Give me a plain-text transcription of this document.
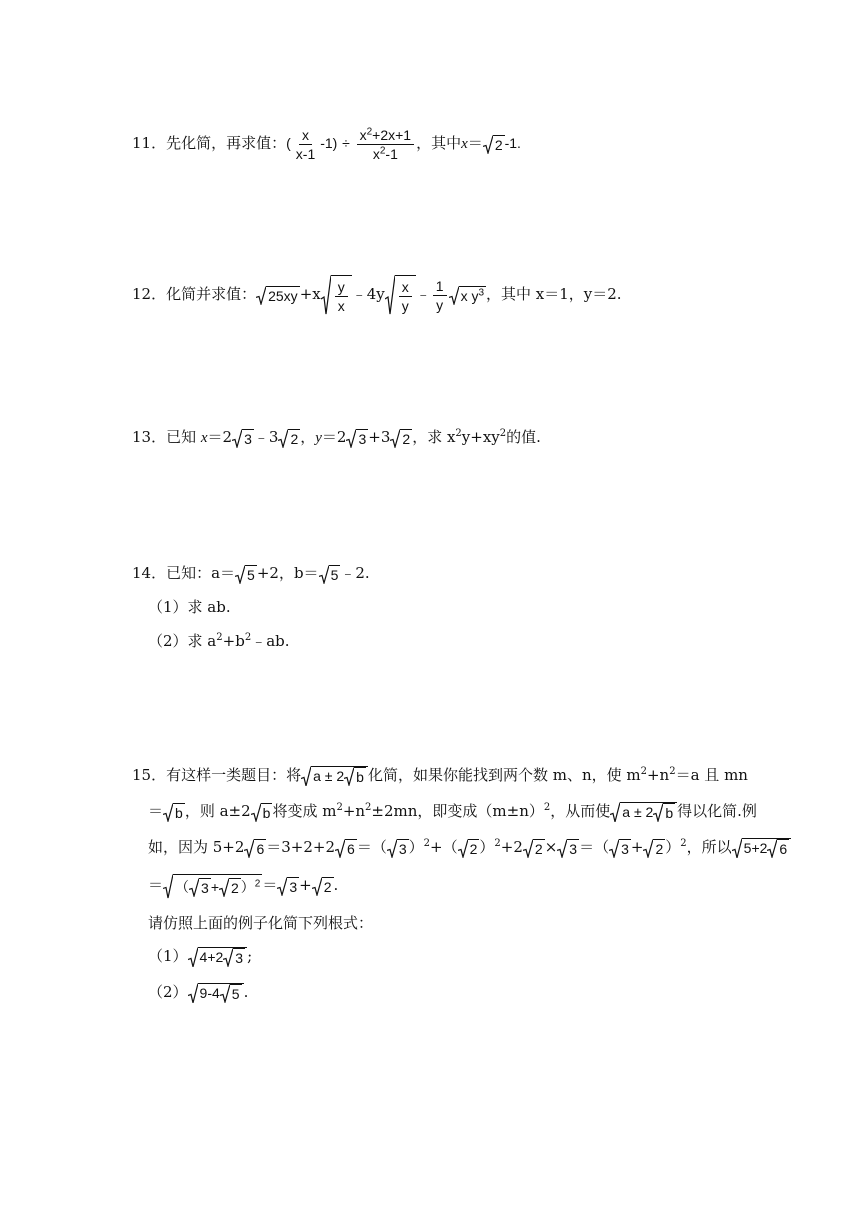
11．先化简，再求值：( $\frac{x}{x-1} -1) \div \frac{x^2+2x+1}{x^2-1}$ ，其中x＝ 2 -1.
12．化简并求值： $25xy +x \frac{y}{x}$ ﹣4y $\frac{x}{y}$ ﹣ $\frac{1}{y}$ x $y^3$ ，其中 x＝1，y＝2.
13．已知 x＝2 3 ﹣3 2 ，y＝2 3 +3 2 ，求 $x^2y+xy^2$的值.
14．已知：a＝ 5 +2，b＝ 5 ﹣2.
（1）求 ab.
（2）求 $a^2+b^2﹣ab$.
15．有这样一类题目：将 a ± 2 b 化简，如果你能找到两个数 m、n，使 $m^2+n^2=a$ 且 mn
＝ b ，则 a±2 b 将变成 $m^2+n^2\pm 2mn$，即变成$(m\pm n)^2$，从而使 a ± 2 b 得以化简.例
如，因为 5+2 6 ＝3+2+2 6 ＝（ 3 ）$^2$+（ 2 ）$^2$+2 2 × 3 ＝（ 3 + 2 ）$^2$，所以 5+2 6
＝ （ 3 + 2 ）$^2$ ＝ 3 + 2 .
请仿照上面的例子化简下列根式：
（1） 4+2 3 ;
（2） 9-4 5 .
